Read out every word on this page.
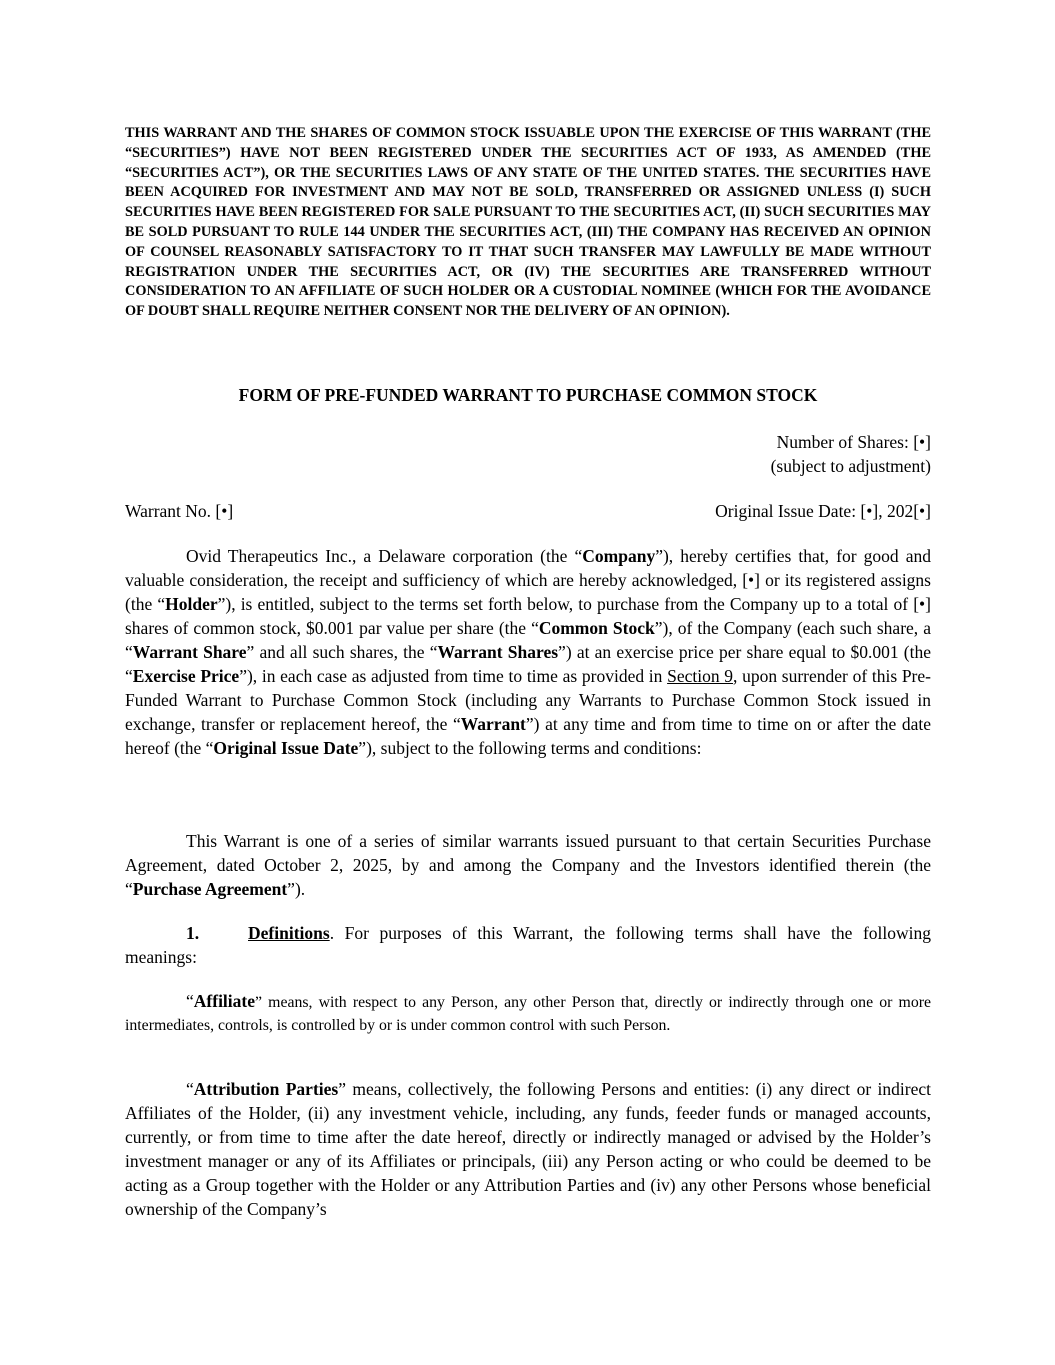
THIS WARRANT AND THE SHARES OF COMMON STOCK ISSUABLE UPON THE EXERCISE OF THIS WARRANT (THE “SECURITIES”) HAVE NOT BEEN REGISTERED UNDER THE SECURITIES ACT OF 1933, AS AMENDED (THE “SECURITIES ACT”), OR THE SECURITIES LAWS OF ANY STATE OF THE UNITED STATES. THE SECURITIES HAVE BEEN ACQUIRED FOR INVESTMENT AND MAY NOT BE SOLD, TRANSFERRED OR ASSIGNED UNLESS (I) SUCH SECURITIES HAVE BEEN REGISTERED FOR SALE PURSUANT TO THE SECURITIES ACT, (II) SUCH SECURITIES MAY BE SOLD PURSUANT TO RULE 144 UNDER THE SECURITIES ACT, (III) THE COMPANY HAS RECEIVED AN OPINION OF COUNSEL REASONABLY SATISFACTORY TO IT THAT SUCH TRANSFER MAY LAWFULLY BE MADE WITHOUT REGISTRATION UNDER THE SECURITIES ACT, OR (IV) THE SECURITIES ARE TRANSFERRED WITHOUT CONSIDERATION TO AN AFFILIATE OF SUCH HOLDER OR A CUSTODIAL NOMINEE (WHICH FOR THE AVOIDANCE OF DOUBT SHALL REQUIRE NEITHER CONSENT NOR THE DELIVERY OF AN OPINION).
FORM OF PRE-FUNDED WARRANT TO PURCHASE COMMON STOCK
Number of Shares: [•]
(subject to adjustment)
Warrant No. [•]	Original Issue Date: [•], 202[•]
Ovid Therapeutics Inc., a Delaware corporation (the “Company”), hereby certifies that, for good and valuable consideration, the receipt and sufficiency of which are hereby acknowledged, [•] or its registered assigns (the “Holder”), is entitled, subject to the terms set forth below, to purchase from the Company up to a total of [•] shares of common stock, $0.001 par value per share (the “Common Stock”), of the Company (each such share, a “Warrant Share” and all such shares, the “Warrant Shares”) at an exercise price per share equal to $0.001 (the “Exercise Price”), in each case as adjusted from time to time as provided in Section 9, upon surrender of this Pre-Funded Warrant to Purchase Common Stock (including any Warrants to Purchase Common Stock issued in exchange, transfer or replacement hereof, the “Warrant”) at any time and from time to time on or after the date hereof (the “Original Issue Date”), subject to the following terms and conditions:
This Warrant is one of a series of similar warrants issued pursuant to that certain Securities Purchase Agreement, dated October 2, 2025, by and among the Company and the Investors identified therein (the “Purchase Agreement”).
1.	Definitions. For purposes of this Warrant, the following terms shall have the following meanings:
“Affiliate” means, with respect to any Person, any other Person that, directly or indirectly through one or more intermediates, controls, is controlled by or is under common control with such Person.
“Attribution Parties” means, collectively, the following Persons and entities: (i) any direct or indirect Affiliates of the Holder, (ii) any investment vehicle, including, any funds, feeder funds or managed accounts, currently, or from time to time after the date hereof, directly or indirectly managed or advised by the Holder’s investment manager or any of its Affiliates or principals, (iii) any Person acting or who could be deemed to be acting as a Group together with the Holder or any Attribution Parties and (iv) any other Persons whose beneficial ownership of the Company’s
